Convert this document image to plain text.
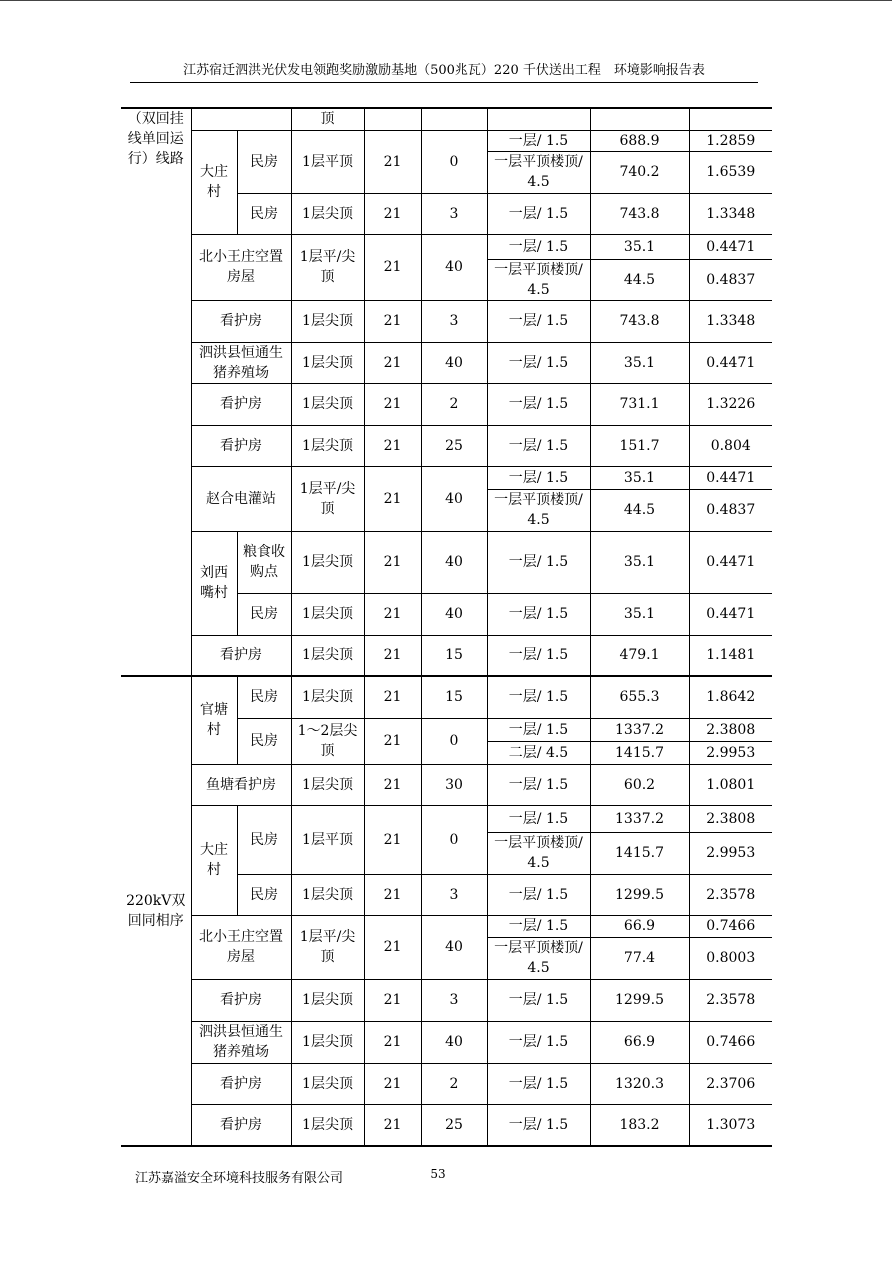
江苏宿迁泗洪光伏发电领跑奖励激励基地（500兆瓦）220 千伏送出工程　环境影响报告表
（双回挂线单回运行）线路			顶					
	大庄村	民房	1层平顶	21	0	一层/ 1.5	688.9	1.2859
						一层平顶楼顶/ 4.5	740.2	1.6539
		民房	1层尖顶	21	3	一层/ 1.5	743.8	1.3348
	北小王庄空置房屋		1层平/尖顶	21	40	一层/ 1.5	35.1	0.4471
						一层平顶楼顶/ 4.5	44.5	0.4837
	看护房		1层尖顶	21	3	一层/ 1.5	743.8	1.3348
	泗洪县恒通生猪养殖场		1层尖顶	21	40	一层/ 1.5	35.1	0.4471
	看护房		1层尖顶	21	2	一层/ 1.5	731.1	1.3226
	看护房		1层尖顶	21	25	一层/ 1.5	151.7	0.804
	赵合电灌站		1层平/尖顶	21	40	一层/ 1.5	35.1	0.4471
						一层平顶楼顶/ 4.5	44.5	0.4837
	刘西嘴村	粮食收购点	1层尖顶	21	40	一层/ 1.5	35.1	0.4471
		民房	1层尖顶	21	40	一层/ 1.5	35.1	0.4471
	看护房		1层尖顶	21	15	一层/ 1.5	479.1	1.1481
220kV双回同相序	官塘村	民房	1层尖顶	21	15	一层/ 1.5	655.3	1.8642
		民房	1～2层尖顶	21	0	一层/ 1.5	1337.2	2.3808
						二层/ 4.5	1415.7	2.9953
	鱼塘看护房		1层尖顶	21	30	一层/ 1.5	60.2	1.0801
	大庄村	民房	1层平顶	21	0	一层/ 1.5	1337.2	2.3808
						一层平顶楼顶/ 4.5	1415.7	2.9953
		民房	1层尖顶	21	3	一层/ 1.5	1299.5	2.3578
	北小王庄空置房屋		1层平/尖顶	21	40	一层/ 1.5	66.9	0.7466
						一层平顶楼顶/ 4.5	77.4	0.8003
	看护房		1层尖顶	21	3	一层/ 1.5	1299.5	2.3578
	泗洪县恒通生猪养殖场		1层尖顶	21	40	一层/ 1.5	66.9	0.7466
	看护房		1层尖顶	21	2	一层/ 1.5	1320.3	2.3706
	看护房		1层尖顶	21	25	一层/ 1.5	183.2	1.3073
江苏嘉溢安全环境科技服务有限公司	53
